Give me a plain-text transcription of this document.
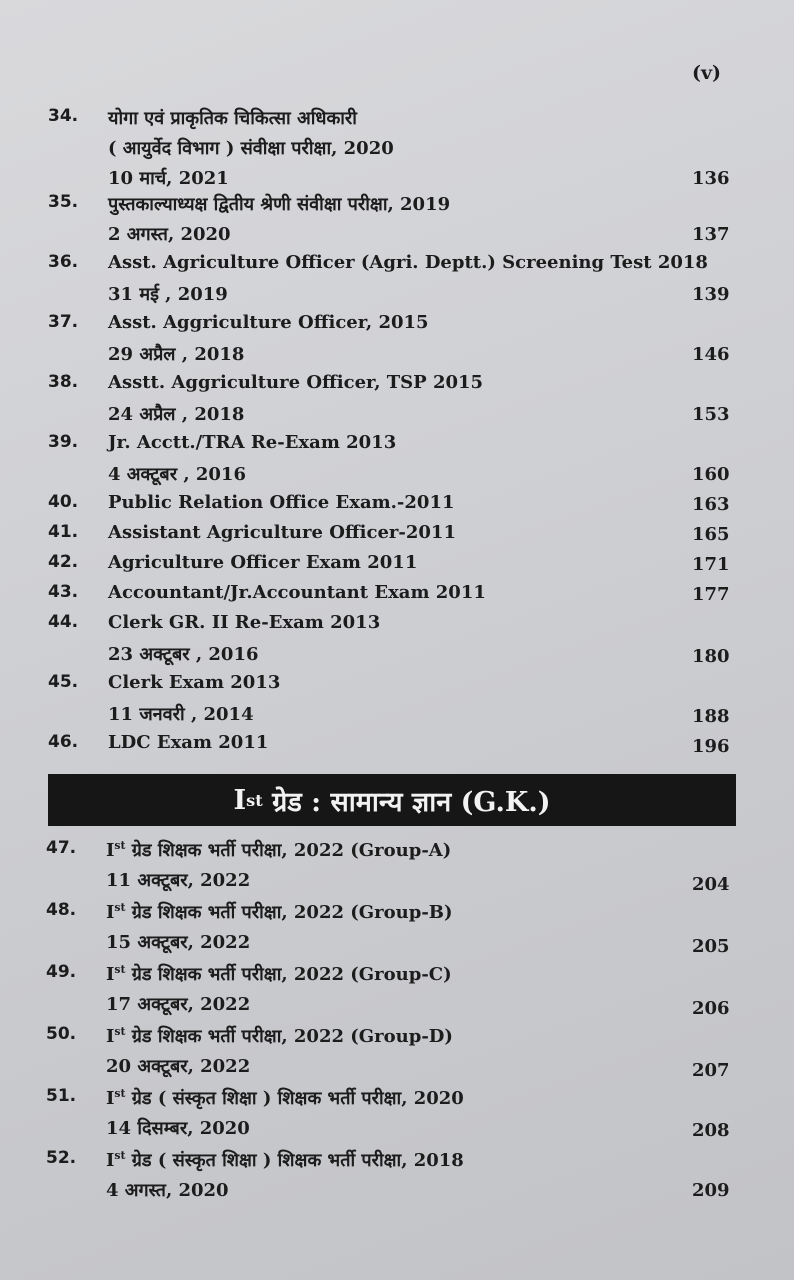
(v)
34. योगा एवं प्राकृतिक चिकित्सा अधिकारी
( आयुर्वेद विभाग ) संवीक्षा परीक्षा, 2020
10 मार्च, 2021	136
35. पुस्तकाल्याध्यक्ष द्वितीय श्रेणी संवीक्षा परीक्षा, 2019
2 अगस्त, 2020	137
36. Asst. Agriculture Officer (Agri. Deptt.) Screening Test 2018
31 मई , 2019	139
37. Asst. Aggriculture Officer, 2015
29 अप्रैल , 2018	146
38. Asstt. Aggriculture Officer, TSP 2015
24 अप्रैल , 2018	153
39. Jr. Acctt./TRA Re-Exam 2013
4 अक्टूबर , 2016	160
40. Public Relation Office Exam.-2011	163
41. Assistant Agriculture Officer-2011	165
42. Agriculture Officer Exam 2011	171
43. Accountant/Jr.Accountant Exam 2011	177
44. Clerk GR. II Re-Exam 2013
23 अक्टूबर , 2016	180
45. Clerk Exam 2013
11 जनवरी , 2014	188
46. LDC Exam 2011	196
I st ग्रेड : सामान्य ज्ञान (G.K.)
47. Ist ग्रेड शिक्षक भर्ती परीक्षा, 2022 (Group-A)
11 अक्टूबर, 2022	204
48. Ist ग्रेड शिक्षक भर्ती परीक्षा, 2022 (Group-B)
15 अक्टूबर, 2022	205
49. Ist ग्रेड शिक्षक भर्ती परीक्षा, 2022 (Group-C)
17 अक्टूबर, 2022	206
50. Ist ग्रेड शिक्षक भर्ती परीक्षा, 2022 (Group-D)
20 अक्टूबर, 2022	207
51. Ist ग्रेड ( संस्कृत शिक्षा ) शिक्षक भर्ती परीक्षा, 2020
14 दिसम्बर, 2020	208
52. Ist ग्रेड ( संस्कृत शिक्षा ) शिक्षक भर्ती परीक्षा, 2018
4 अगस्त, 2020	209
